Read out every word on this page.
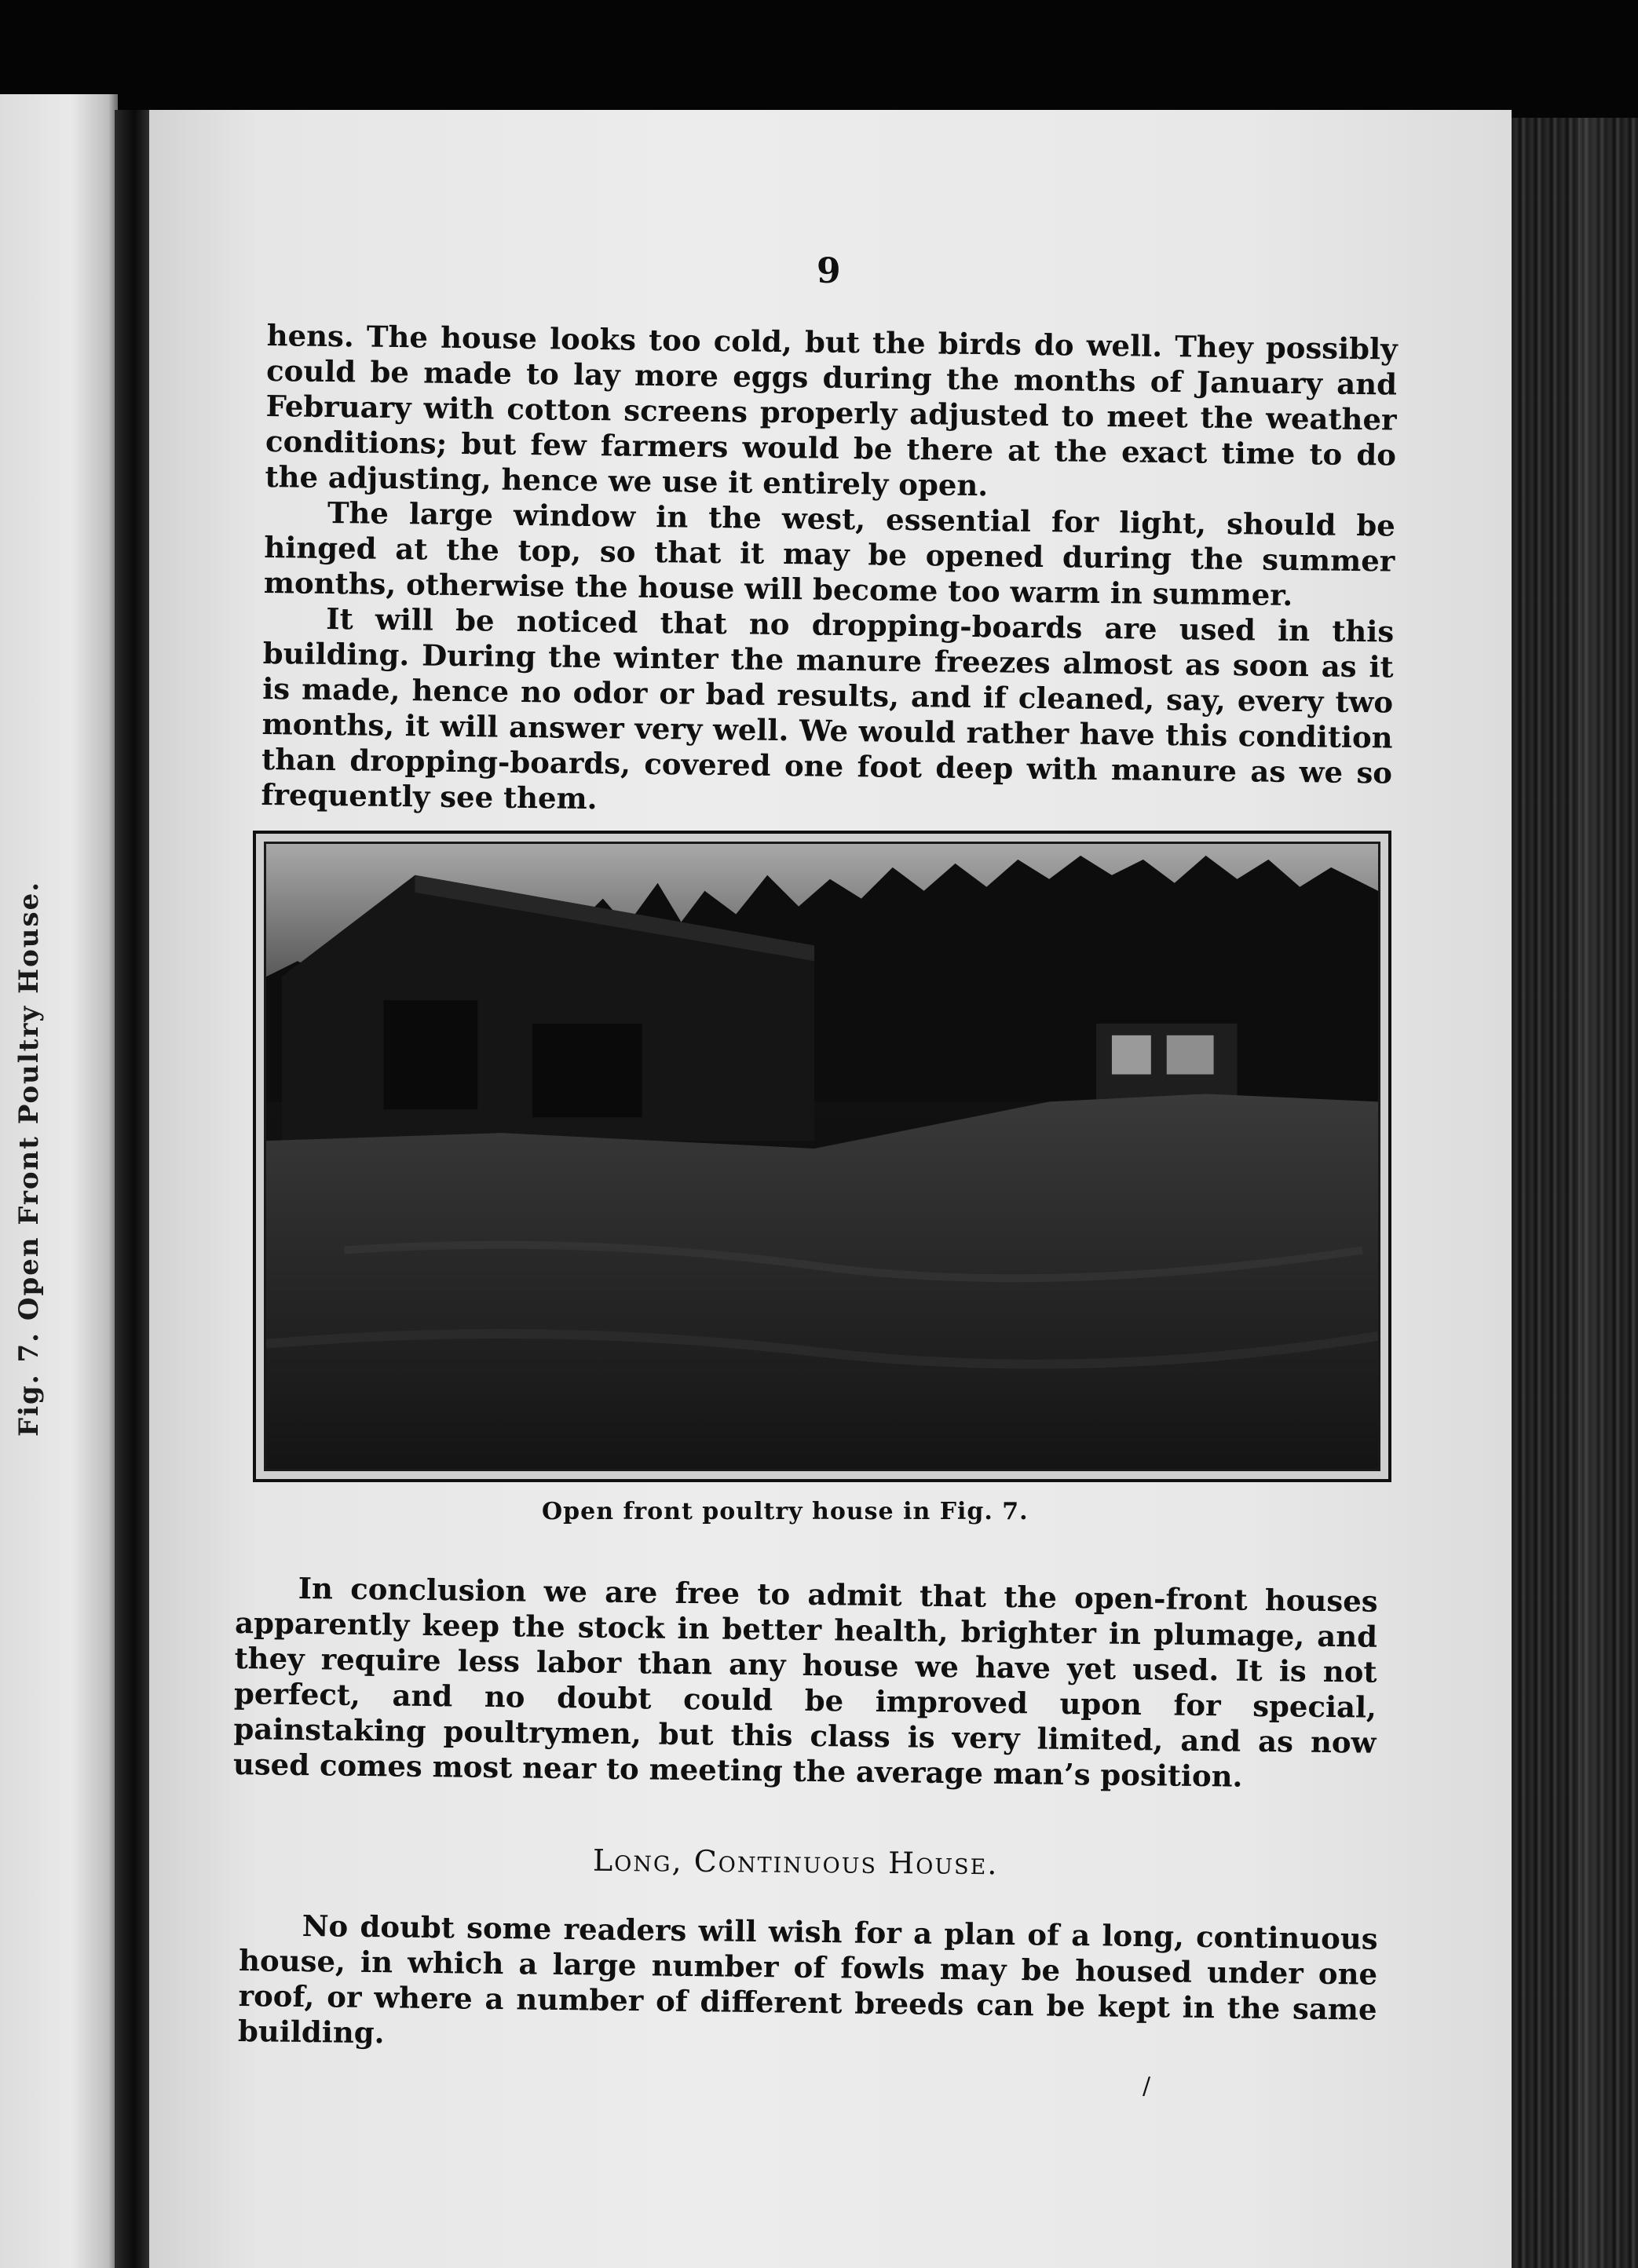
Fig. 7. Open Front Poultry House.
9

hens. The house looks too cold, but the birds do well. They possibly could be made to lay more eggs during the months of January and February with cotton screens properly adjusted to meet the weather conditions; but few farmers would be there at the exact time to do the adjusting, hence we use it entirely open.

The large window in the west, essential for light, should be hinged at the top, so that it may be opened during the summer months, otherwise the house will become too warm in summer.

It will be noticed that no dropping-boards are used in this building. During the winter the manure freezes almost as soon as it is made, hence no odor or bad results, and if cleaned, say, every two months, it will answer very well. We would rather have this condition than dropping-boards, covered one foot deep with manure as we so frequently see them.

Open front poultry house in Fig. 7.

In conclusion we are free to admit that the open-front houses apparently keep the stock in better health, brighter in plumage, and they require less labor than any house we have yet used. It is not perfect, and no doubt could be improved upon for special, painstaking poultrymen, but this class is very limited, and as now used comes most near to meeting the average man’s position.

Long, Continuous House.

No doubt some readers will wish for a plan of a long, continuous house, in which a large number of fowls may be housed under one roof, or where a number of different breeds can be kept in the same building.

/
